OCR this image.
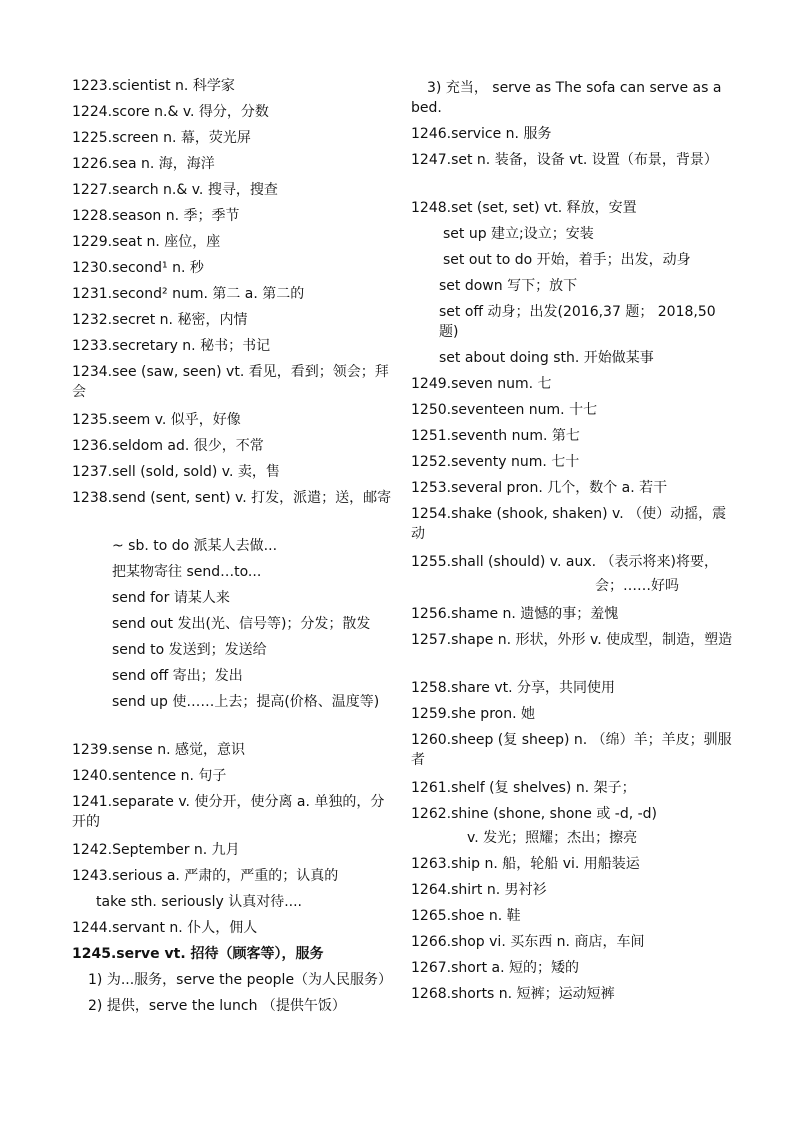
1223.scientist n. 科学家
1224.score n.& v. 得分，分数
1225.screen n. 幕，荧光屏
1226.sea n. 海，海洋
1227.search n.& v. 搜寻，搜查
1228.season n. 季；季节
1229.seat n. 座位，座
1230.second¹ n. 秒
1231.second² num. 第二 a. 第二的
1232.secret n. 秘密，内情
1233.secretary n. 秘书；书记
1234.see (saw, seen) vt. 看见，看到；领会；拜会
1235.seem v. 似乎，好像
1236.seldom ad. 很少，不常
1237.sell (sold, sold) v. 卖，售
1238.send (sent, sent) v. 打发，派遣；送，邮寄
~ sb. to do 派某人去做...
把某物寄往 send…to...
send for 请某人来
send out 发出(光、信号等)；分发；散发
send to 发送到；发送给
send off 寄出；发出
send up 使……上去；提高(价格、温度等)
1239.sense n. 感觉，意识
1240.sentence n. 句子
1241.separate v. 使分开，使分离 a. 单独的，分开的
1242.September n. 九月
1243.serious a. 严肃的，严重的；认真的
take sth. seriously 认真对待....
1244.servant n. 仆人，佣人
1245.serve vt. 招待（顾客等），服务
1) 为...服务，serve the people（为人民服务）
2) 提供，serve the lunch （提供午饭）
3) 充当， serve as The sofa can serve as a bed.
1246.service n. 服务
1247.set n. 装备，设备 vt. 设置（布景，背景）
1248.set (set, set) vt. 释放，安置
set up 建立;设立；安装
set out to do 开始，着手；出发，动身
set down 写下；放下
set off 动身；出发(2016,37 题； 2018,50 题)
set about doing sth. 开始做某事
1249.seven num. 七
1250.seventeen num. 十七
1251.seventh num. 第七
1252.seventy num. 七十
1253.several pron. 几个，数个 a. 若干
1254.shake (shook, shaken) v. （使）动摇，震动
1255.shall (should) v. aux. （表示将来)将要，
会；……好吗
1256.shame n. 遗憾的事；羞愧
1257.shape n. 形状，外形 v. 使成型，制造，塑造
1258.share vt. 分享，共同使用
1259.she pron. 她
1260.sheep (复 sheep) n. （绵）羊；羊皮；驯服者
1261.shelf (复 shelves) n. 架子；
1262.shine (shone, shone 或 -d, -d)
v. 发光；照耀；杰出；擦亮
1263.ship n. 船，轮船 vi. 用船装运
1264.shirt n. 男衬衫
1265.shoe n. 鞋
1266.shop vi. 买东西 n. 商店，车间
1267.short a. 短的；矮的
1268.shorts n. 短裤；运动短裤
